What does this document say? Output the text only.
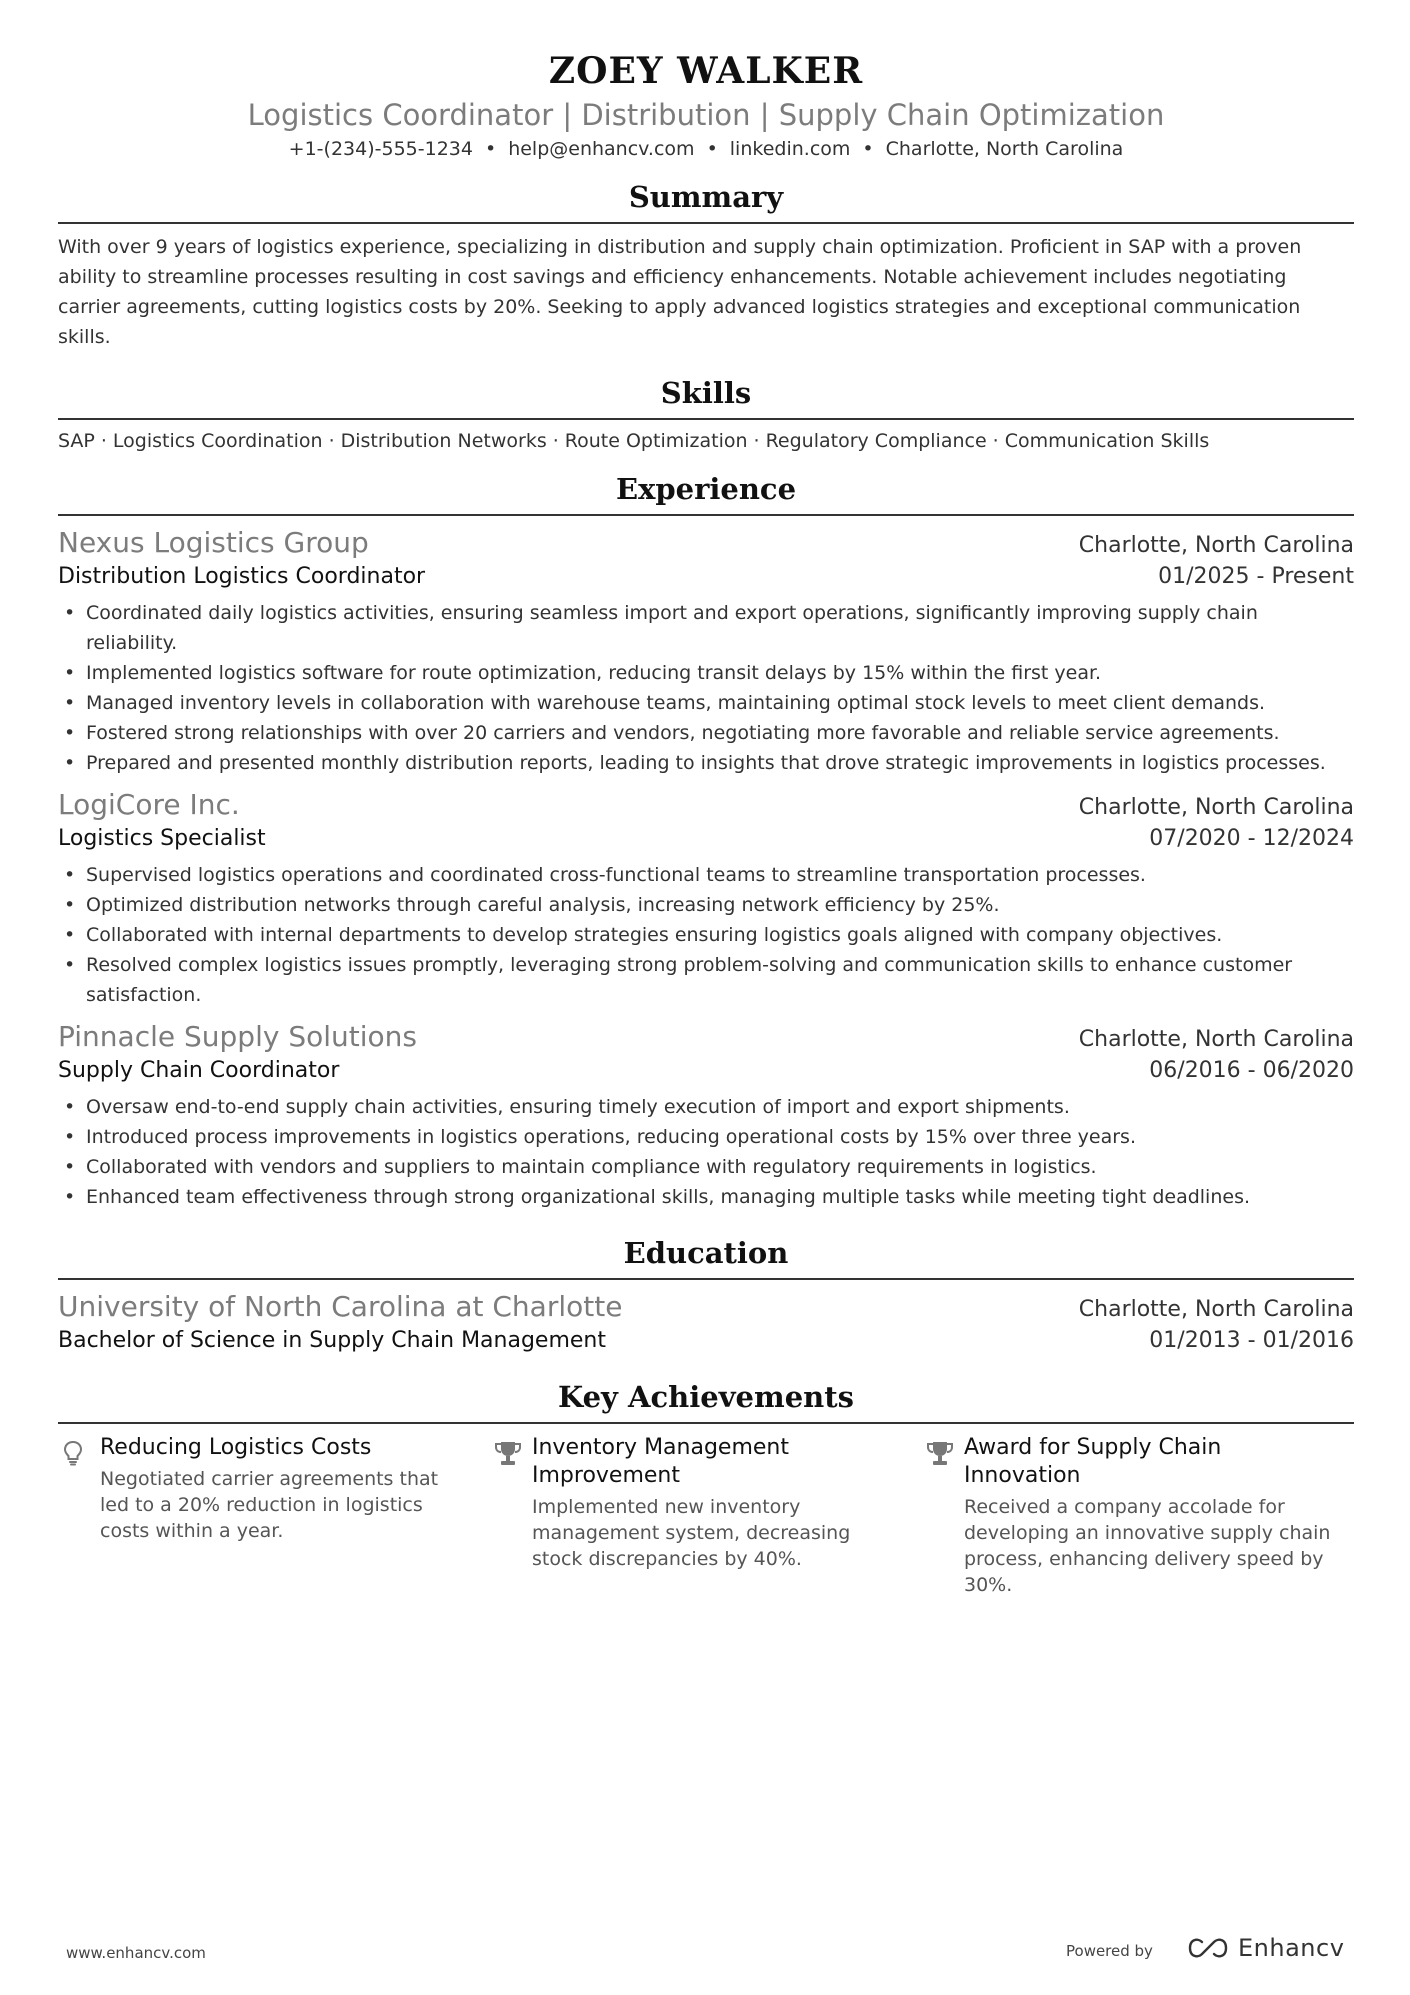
ZOEY WALKER
Logistics Coordinator | Distribution | Supply Chain Optimization
+1-(234)-555-1234 • help@enhancv.com • linkedin.com • Charlotte, North Carolina
Summary
With over 9 years of logistics experience, specializing in distribution and supply chain optimization. Proficient in SAP with a proven ability to streamline processes resulting in cost savings and efficiency enhancements. Notable achievement includes negotiating carrier agreements, cutting logistics costs by 20%. Seeking to apply advanced logistics strategies and exceptional communication skills.
Skills
SAP · Logistics Coordination · Distribution Networks · Route Optimization · Regulatory Compliance · Communication Skills
Experience
Nexus Logistics Group	Charlotte, North Carolina
Distribution Logistics Coordinator	01/2025 - Present
• Coordinated daily logistics activities, ensuring seamless import and export operations, significantly improving supply chain reliability.
• Implemented logistics software for route optimization, reducing transit delays by 15% within the first year.
• Managed inventory levels in collaboration with warehouse teams, maintaining optimal stock levels to meet client demands.
• Fostered strong relationships with over 20 carriers and vendors, negotiating more favorable and reliable service agreements.
• Prepared and presented monthly distribution reports, leading to insights that drove strategic improvements in logistics processes.
LogiCore Inc.	Charlotte, North Carolina
Logistics Specialist	07/2020 - 12/2024
• Supervised logistics operations and coordinated cross-functional teams to streamline transportation processes.
• Optimized distribution networks through careful analysis, increasing network efficiency by 25%.
• Collaborated with internal departments to develop strategies ensuring logistics goals aligned with company objectives.
• Resolved complex logistics issues promptly, leveraging strong problem-solving and communication skills to enhance customer satisfaction.
Pinnacle Supply Solutions	Charlotte, North Carolina
Supply Chain Coordinator	06/2016 - 06/2020
• Oversaw end-to-end supply chain activities, ensuring timely execution of import and export shipments.
• Introduced process improvements in logistics operations, reducing operational costs by 15% over three years.
• Collaborated with vendors and suppliers to maintain compliance with regulatory requirements in logistics.
• Enhanced team effectiveness through strong organizational skills, managing multiple tasks while meeting tight deadlines.
Education
University of North Carolina at Charlotte	Charlotte, North Carolina
Bachelor of Science in Supply Chain Management	01/2013 - 01/2016
Key Achievements
Reducing Logistics Costs
Negotiated carrier agreements that led to a 20% reduction in logistics costs within a year.
Inventory Management Improvement
Implemented new inventory management system, decreasing stock discrepancies by 40%.
Award for Supply Chain Innovation
Received a company accolade for developing an innovative supply chain process, enhancing delivery speed by 30%.
www.enhancv.com	Powered by	Enhancv
